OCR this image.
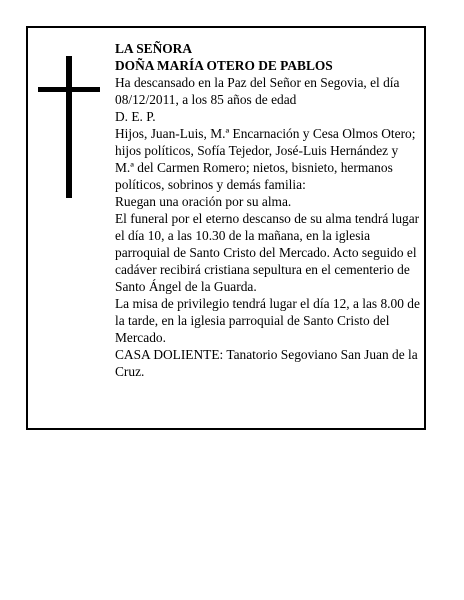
LA SEÑORA

DOÑA MARÍA OTERO DE PABLOS

Ha descansado en la Paz del Señor en Segovia, el día 08/12/2011, a los 85 años de edad

D. E. P.

Hijos, Juan-Luis, M.ª Encarnación y Cesa Olmos Otero; hijos políticos, Sofía Tejedor, José-Luis Hernández y M.ª del Carmen Romero; nietos, bisnieto, hermanos políticos, sobrinos y demás familia:

Ruegan una oración por su alma.

El funeral por el eterno descanso de su alma tendrá lugar el día 10, a las 10.30 de la mañana, en la iglesia parroquial de Santo Cristo del Mercado. Acto seguido el cadáver recibirá cristiana sepultura en el cementerio de Santo Ángel de la Guarda.

La misa de privilegio tendrá lugar el día 12, a las 8.00 de la tarde, en la iglesia parroquial de Santo Cristo del Mercado.

CASA DOLIENTE: Tanatorio Segoviano San Juan de la Cruz.
